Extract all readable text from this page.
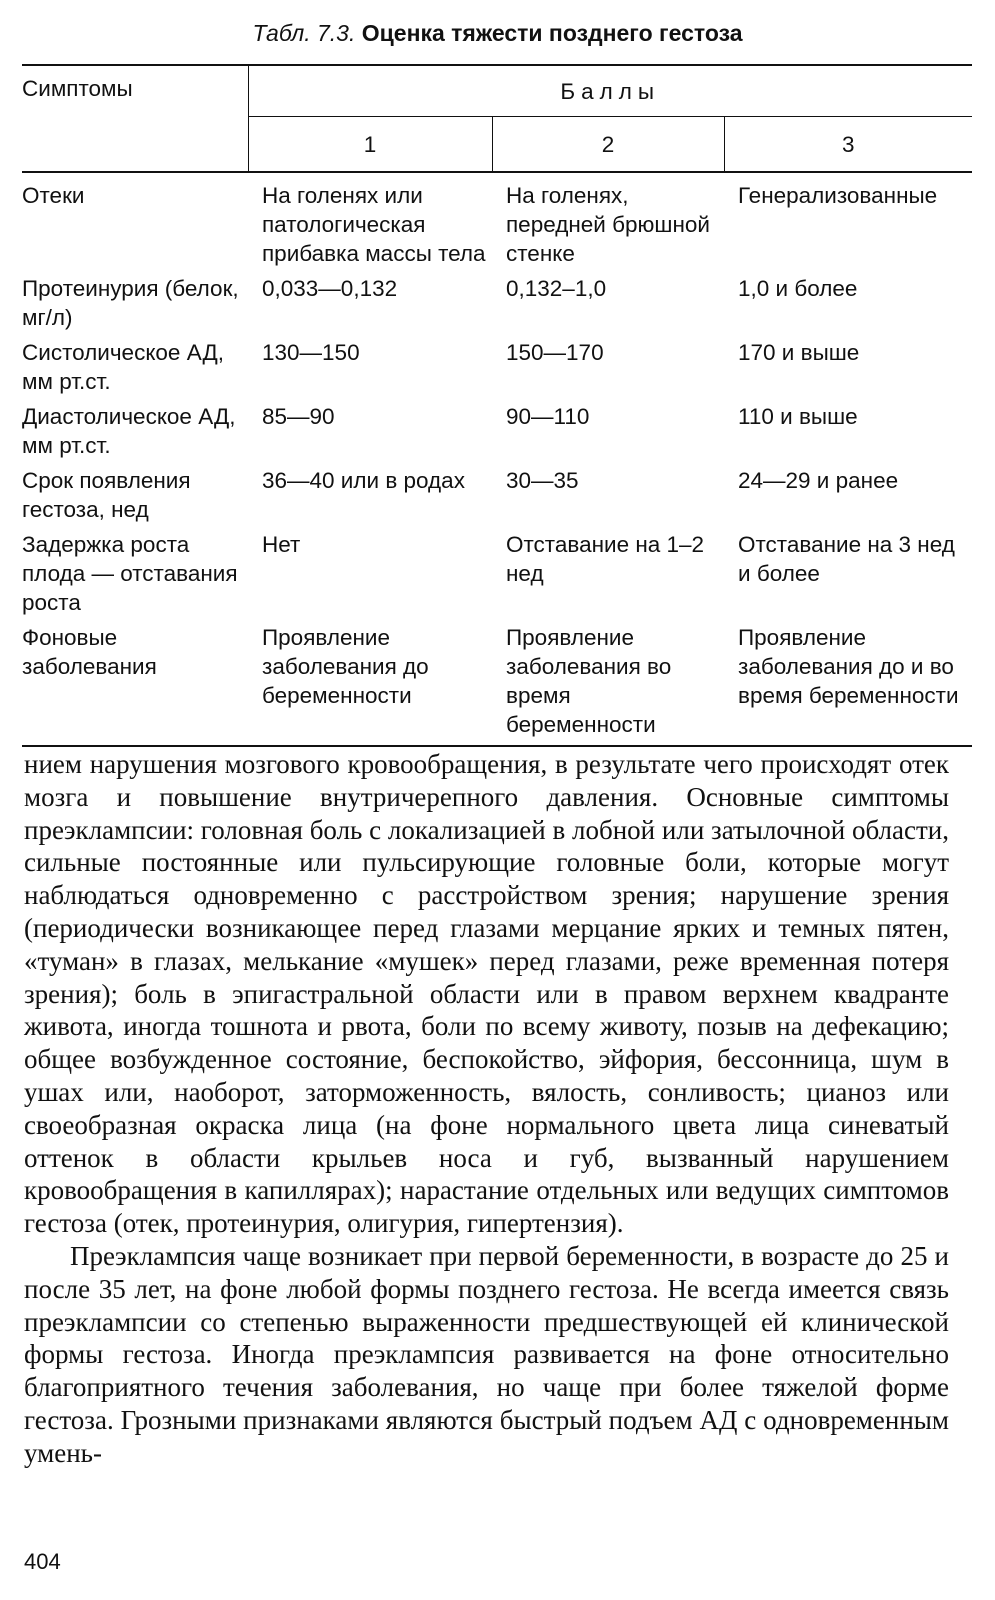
Табл. 7.3. Оценка тяжести позднего гестоза
Симптомы	Баллы		
	1	2	3
Отеки	На голенях или патологическая прибавка массы тела	На голенях, передней брюшной стенке	Генерализованные
Протеинурия (белок, мг/л)	0,033—0,132	0,132–1,0	1,0 и более
Систолическое АД, мм рт.ст.	130—150	150—170	170 и выше
Диастолическое АД, мм рт.ст.	85—90	90—110	110 и выше
Срок появления гестоза, нед	36—40 или в родах	30—35	24—29 и ранее
Задержка роста плода — отставания роста	Нет	Отставание на 1–2 нед	Отставание на 3 нед и более
Фоновые заболевания	Проявление заболевания до беременности	Проявление заболевания во время беременности	Проявление заболевания до и во время беременности

нием нарушения мозгового кровообращения, в результате чего происходят отек мозга и повышение внутричерепного давления. Основные симптомы преэклампсии: головная боль с локализацией в лобной или затылочной области, сильные постоянные или пульсирующие головные боли, которые могут наблюдаться одновременно с расстройством зрения; нарушение зрения (периодически возникающее перед глазами мерцание ярких и темных пятен, «туман» в глазах, мелькание «мушек» перед глазами, реже временная потеря зрения); боль в эпигастральной области или в правом верхнем квадранте живота, иногда тошнота и рвота, боли по всему животу, позыв на дефекацию; общее возбужденное состояние, беспокойство, эйфория, бессонница, шум в ушах или, наоборот, заторможенность, вялость, сонливость; цианоз или своеобразная окраска лица (на фоне нормального цвета лица синеватый оттенок в области крыльев носа и губ, вызванный нарушением кровообращения в капиллярах); нарастание отдельных или ведущих симптомов гестоза (отек, протеинурия, олигурия, гипертензия).

Преэклампсия чаще возникает при первой беременности, в возрасте до 25 и после 35 лет, на фоне любой формы позднего гестоза. Не всегда имеется связь преэклампсии со степенью выраженности предшествующей ей клинической формы гестоза. Иногда преэклампсия развивается на фоне относительно благоприятного течения заболевания, но чаще при более тяжелой форме гестоза. Грозными признаками являются быстрый подъем АД с одновременным умень-

404
